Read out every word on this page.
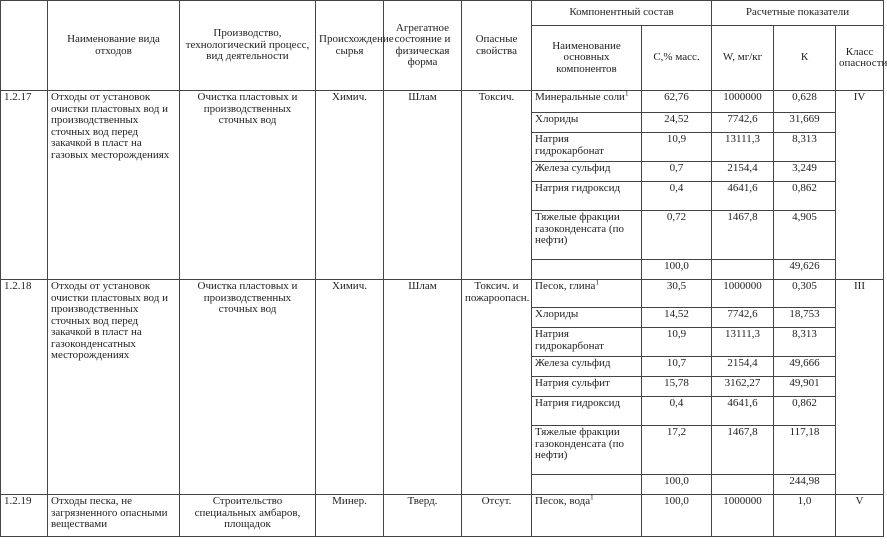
	Наименование вида отходов	Производство, технологический процесс, вид деятельности	Происхождение сырья	Агрегатное состояние и физическая форма	Опасные свойства	Компонентный состав		Расчетные показатели		
						Наименование основных компонентов	С,% масс.	W, мг/кг	К	Класс опасности
1.2.17	Отходы от установок очистки пластовых вод и производственных сточных вод перед закачкой в пласт на газовых месторождениях	Очистка пластовых и производственных сточных вод	Химич.	Шлам	Токсич.	Минеральные соли$^1$	62,76	1000000	0,628	IV
						Хлориды	24,52	7742,6	31,669	
						Натрия гидрокарбонат	10,9	13111,3	8,313	
						Железа сульфид	0,7	2154,4	3,249	
						Натрия гидроксид	0,4	4641,6	0,862	
						Тяжелые фракции газоконденсата (по нефти)	0,72	1467,8	4,905	
							100,0		49,626	
1.2.18	Отходы от установок очистки пластовых вод и производственных сточных вод перед закачкой в пласт на газоконденсатных месторождениях	Очистка пластовых и производственных сточных вод	Химич.	Шлам	Токсич. и пожароопасн.	Песок, глина$^1$	30,5	1000000	0,305	III
						Хлориды	14,52	7742,6	18,753	
						Натрия гидрокарбонат	10,9	13111,3	8,313	
						Железа сульфид	10,7	2154,4	49,666	
						Натрия сульфит	15,78	3162,27	49,901	
						Натрия гидроксид	0,4	4641,6	0,862	
						Тяжелые фракции газоконденсата (по нефти)	17,2	1467,8	117,18	
							100,0		244,98	
1.2.19	Отходы песка, не загрязненного опасными веществами	Строительство специальных амбаров, площадок	Минер.	Тверд.	Отсут.	Песок, вода$^1$	100,0	1000000	1,0	V
